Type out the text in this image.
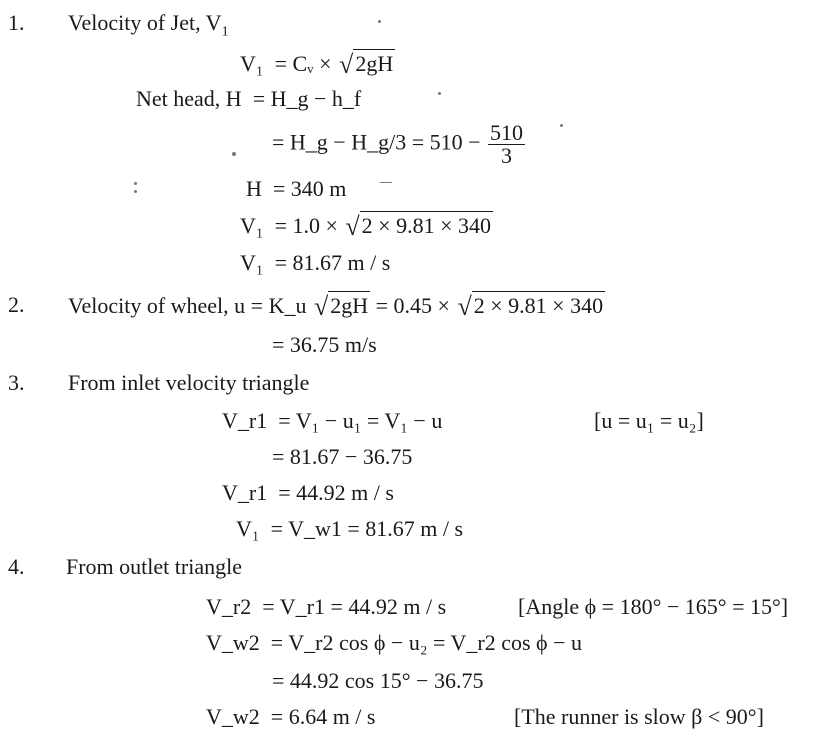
1. Velocity of Jet, $V_1$
V₁ = Cᵥ × √2gH
Net head, H = H_g − h_f
= H_g − H_g/3 = $510 - \frac{510}{3}$
H = 340 m
V₁ = 1.0 × √2 × 9.81 × 340
V₁ = 81.67 m / s
2. Velocity of wheel, u = K_u √2gH = 0.45 × √2 × 9.81 × 340
= 36.75 m/s
3. From inlet velocity triangle
V_r1 = V₁ − u₁ = V₁ − u	[u = u₁ = u₂]
= 81.67 − 36.75
V_r1 = 44.92 m / s
V₁ = V_w1 = 81.67 m / s
4. From outlet triangle
V_r2 = V_r1 = 44.92 m / s	[Angle ϕ = 180° − 165° = 15°]
V_w2 = V_r2 cos ϕ − u₂ = V_r2 cos ϕ − u
= 44.92 cos 15° − 36.75
V_w2 = 6.64 m / s	[The runner is slow β < 90°]
